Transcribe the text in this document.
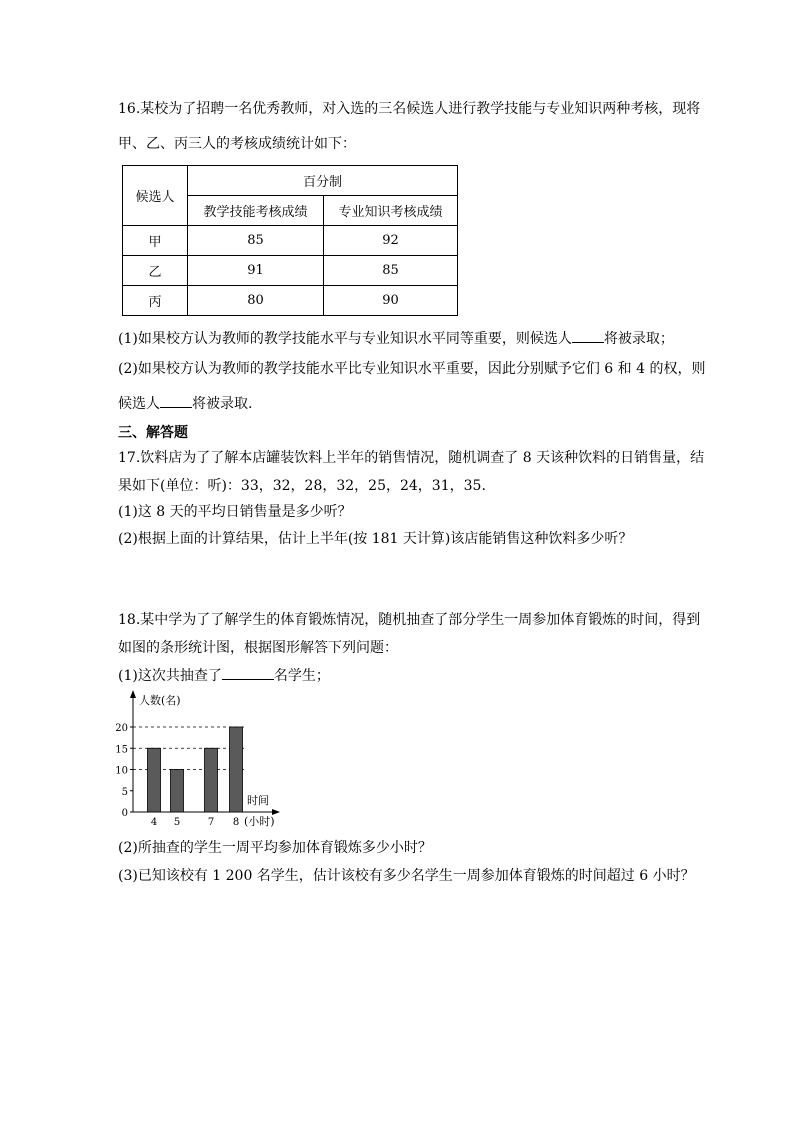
16.某校为了招聘一名优秀教师，对入选的三名候选人进行教学技能与专业知识两种考核，现将
甲、乙、丙三人的考核成绩统计如下：
候选人	百分制	
	教学技能考核成绩	专业知识考核成绩
甲	85	92
乙	91	85
丙	80	90
(1)如果校方认为教师的教学技能水平与专业知识水平同等重要，则候选人 将被录取；
(2)如果校方认为教师的教学技能水平比专业知识水平重要，因此分别赋予它们 6 和 4 的权，则
候选人 将被录取.
三、解答题
17.饮料店为了了解本店罐装饮料上半年的销售情况，随机调查了 8 天该种饮料的日销售量，结
果如下(单位：听)：33，32，28，32，25，24，31，35.
(1)这 8 天的平均日销售量是多少听？
(2)根据上面的计算结果，估计上半年(按 181 天计算)该店能销售这种饮料多少听？
18.某中学为了了解学生的体育锻炼情况，随机抽查了部分学生一周参加体育锻炼的时间，得到
如图的条形统计图，根据图形解答下列问题：
(1)这次共抽查了	名学生；
人数(名)
时间
(小时)
0
5
10
15
20
4 5	7 8
(2)所抽查的学生一周平均参加体育锻炼多少小时？
(3)已知该校有 1 200 名学生，估计该校有多少名学生一周参加体育锻炼的时间超过 6 小时？
